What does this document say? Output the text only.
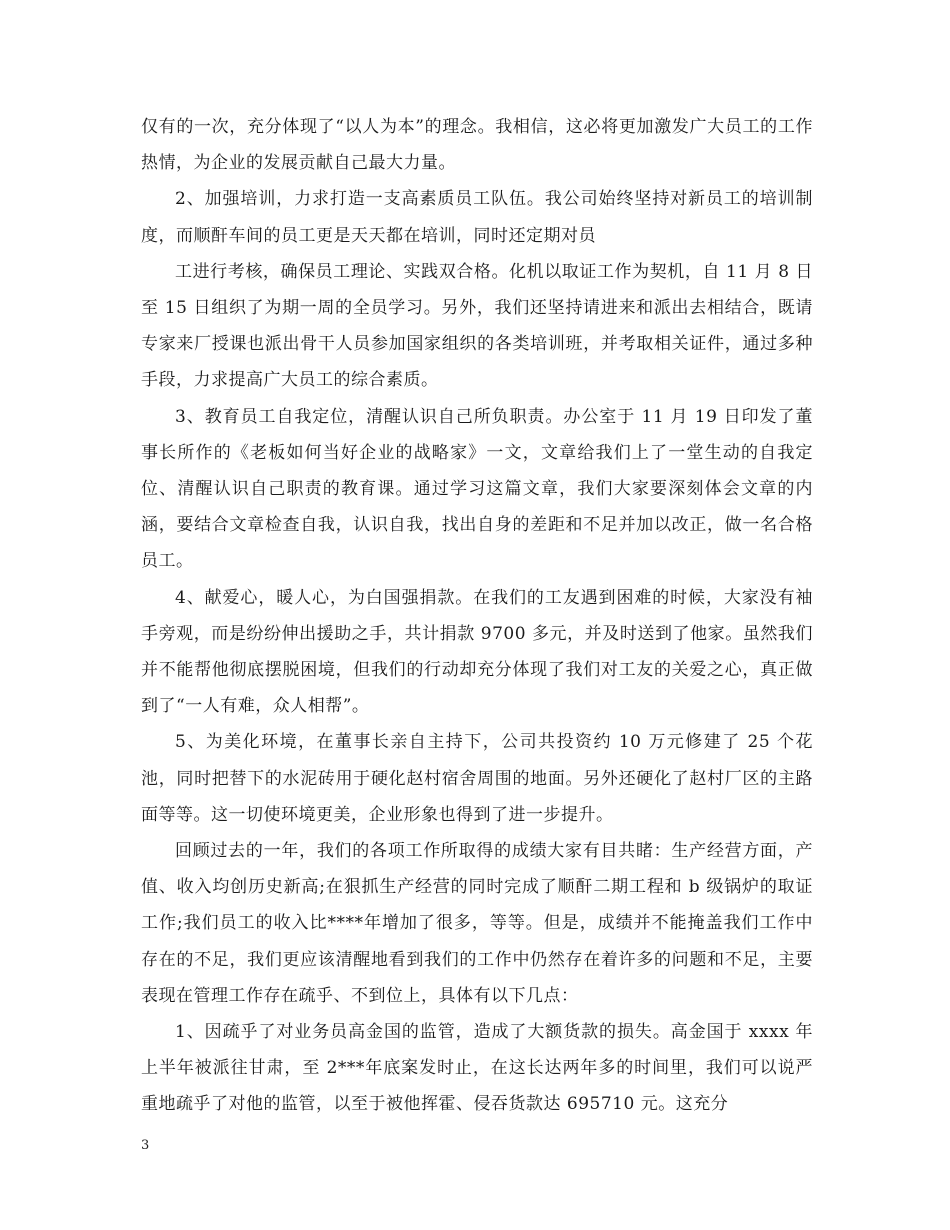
仅有的一次，充分体现了“以人为本”的理念。我相信，这必将更加激发广大员工的工作热情，为企业的发展贡献自己最大力量。

2、加强培训，力求打造一支高素质员工队伍。我公司始终坚持对新员工的培训制度，而顺酐车间的员工更是天天都在培训，同时还定期对员

工进行考核，确保员工理论、实践双合格。化机以取证工作为契机，自 11 月 8 日至 15 日组织了为期一周的全员学习。另外，我们还坚持请进来和派出去相结合，既请专家来厂授课也派出骨干人员参加国家组织的各类培训班，并考取相关证件，通过多种手段，力求提高广大员工的综合素质。

3、教育员工自我定位，清醒认识自己所负职责。办公室于 11 月 19 日印发了董事长所作的《老板如何当好企业的战略家》一文，文章给我们上了一堂生动的自我定位、清醒认识自己职责的教育课。通过学习这篇文章，我们大家要深刻体会文章的内涵，要结合文章检查自我，认识自我，找出自身的差距和不足并加以改正，做一名合格员工。

4、献爱心，暖人心，为白国强捐款。在我们的工友遇到困难的时候，大家没有袖手旁观，而是纷纷伸出援助之手，共计捐款 9700 多元，并及时送到了他家。虽然我们并不能帮他彻底摆脱困境，但我们的行动却充分体现了我们对工友的关爱之心，真正做到了“一人有难，众人相帮”。

5、为美化环境，在董事长亲自主持下，公司共投资约 10 万元修建了 25 个花池，同时把替下的水泥砖用于硬化赵村宿舍周围的地面。另外还硬化了赵村厂区的主路面等等。这一切使环境更美，企业形象也得到了进一步提升。

回顾过去的一年，我们的各项工作所取得的成绩大家有目共睹：生产经营方面，产值、收入均创历史新高;在狠抓生产经营的同时完成了顺酐二期工程和 b 级锅炉的取证工作;我们员工的收入比****年增加了很多，等等。但是，成绩并不能掩盖我们工作中存在的不足，我们更应该清醒地看到我们的工作中仍然存在着许多的问题和不足，主要表现在管理工作存在疏乎、不到位上，具体有以下几点：

1、因疏乎了对业务员高金国的监管，造成了大额货款的损失。高金国于 xxxx 年上半年被派往甘肃，至 2***年底案发时止，在这长达两年多的时间里，我们可以说严重地疏乎了对他的监管，以至于被他挥霍、侵吞货款达 695710 元。这充分

3
